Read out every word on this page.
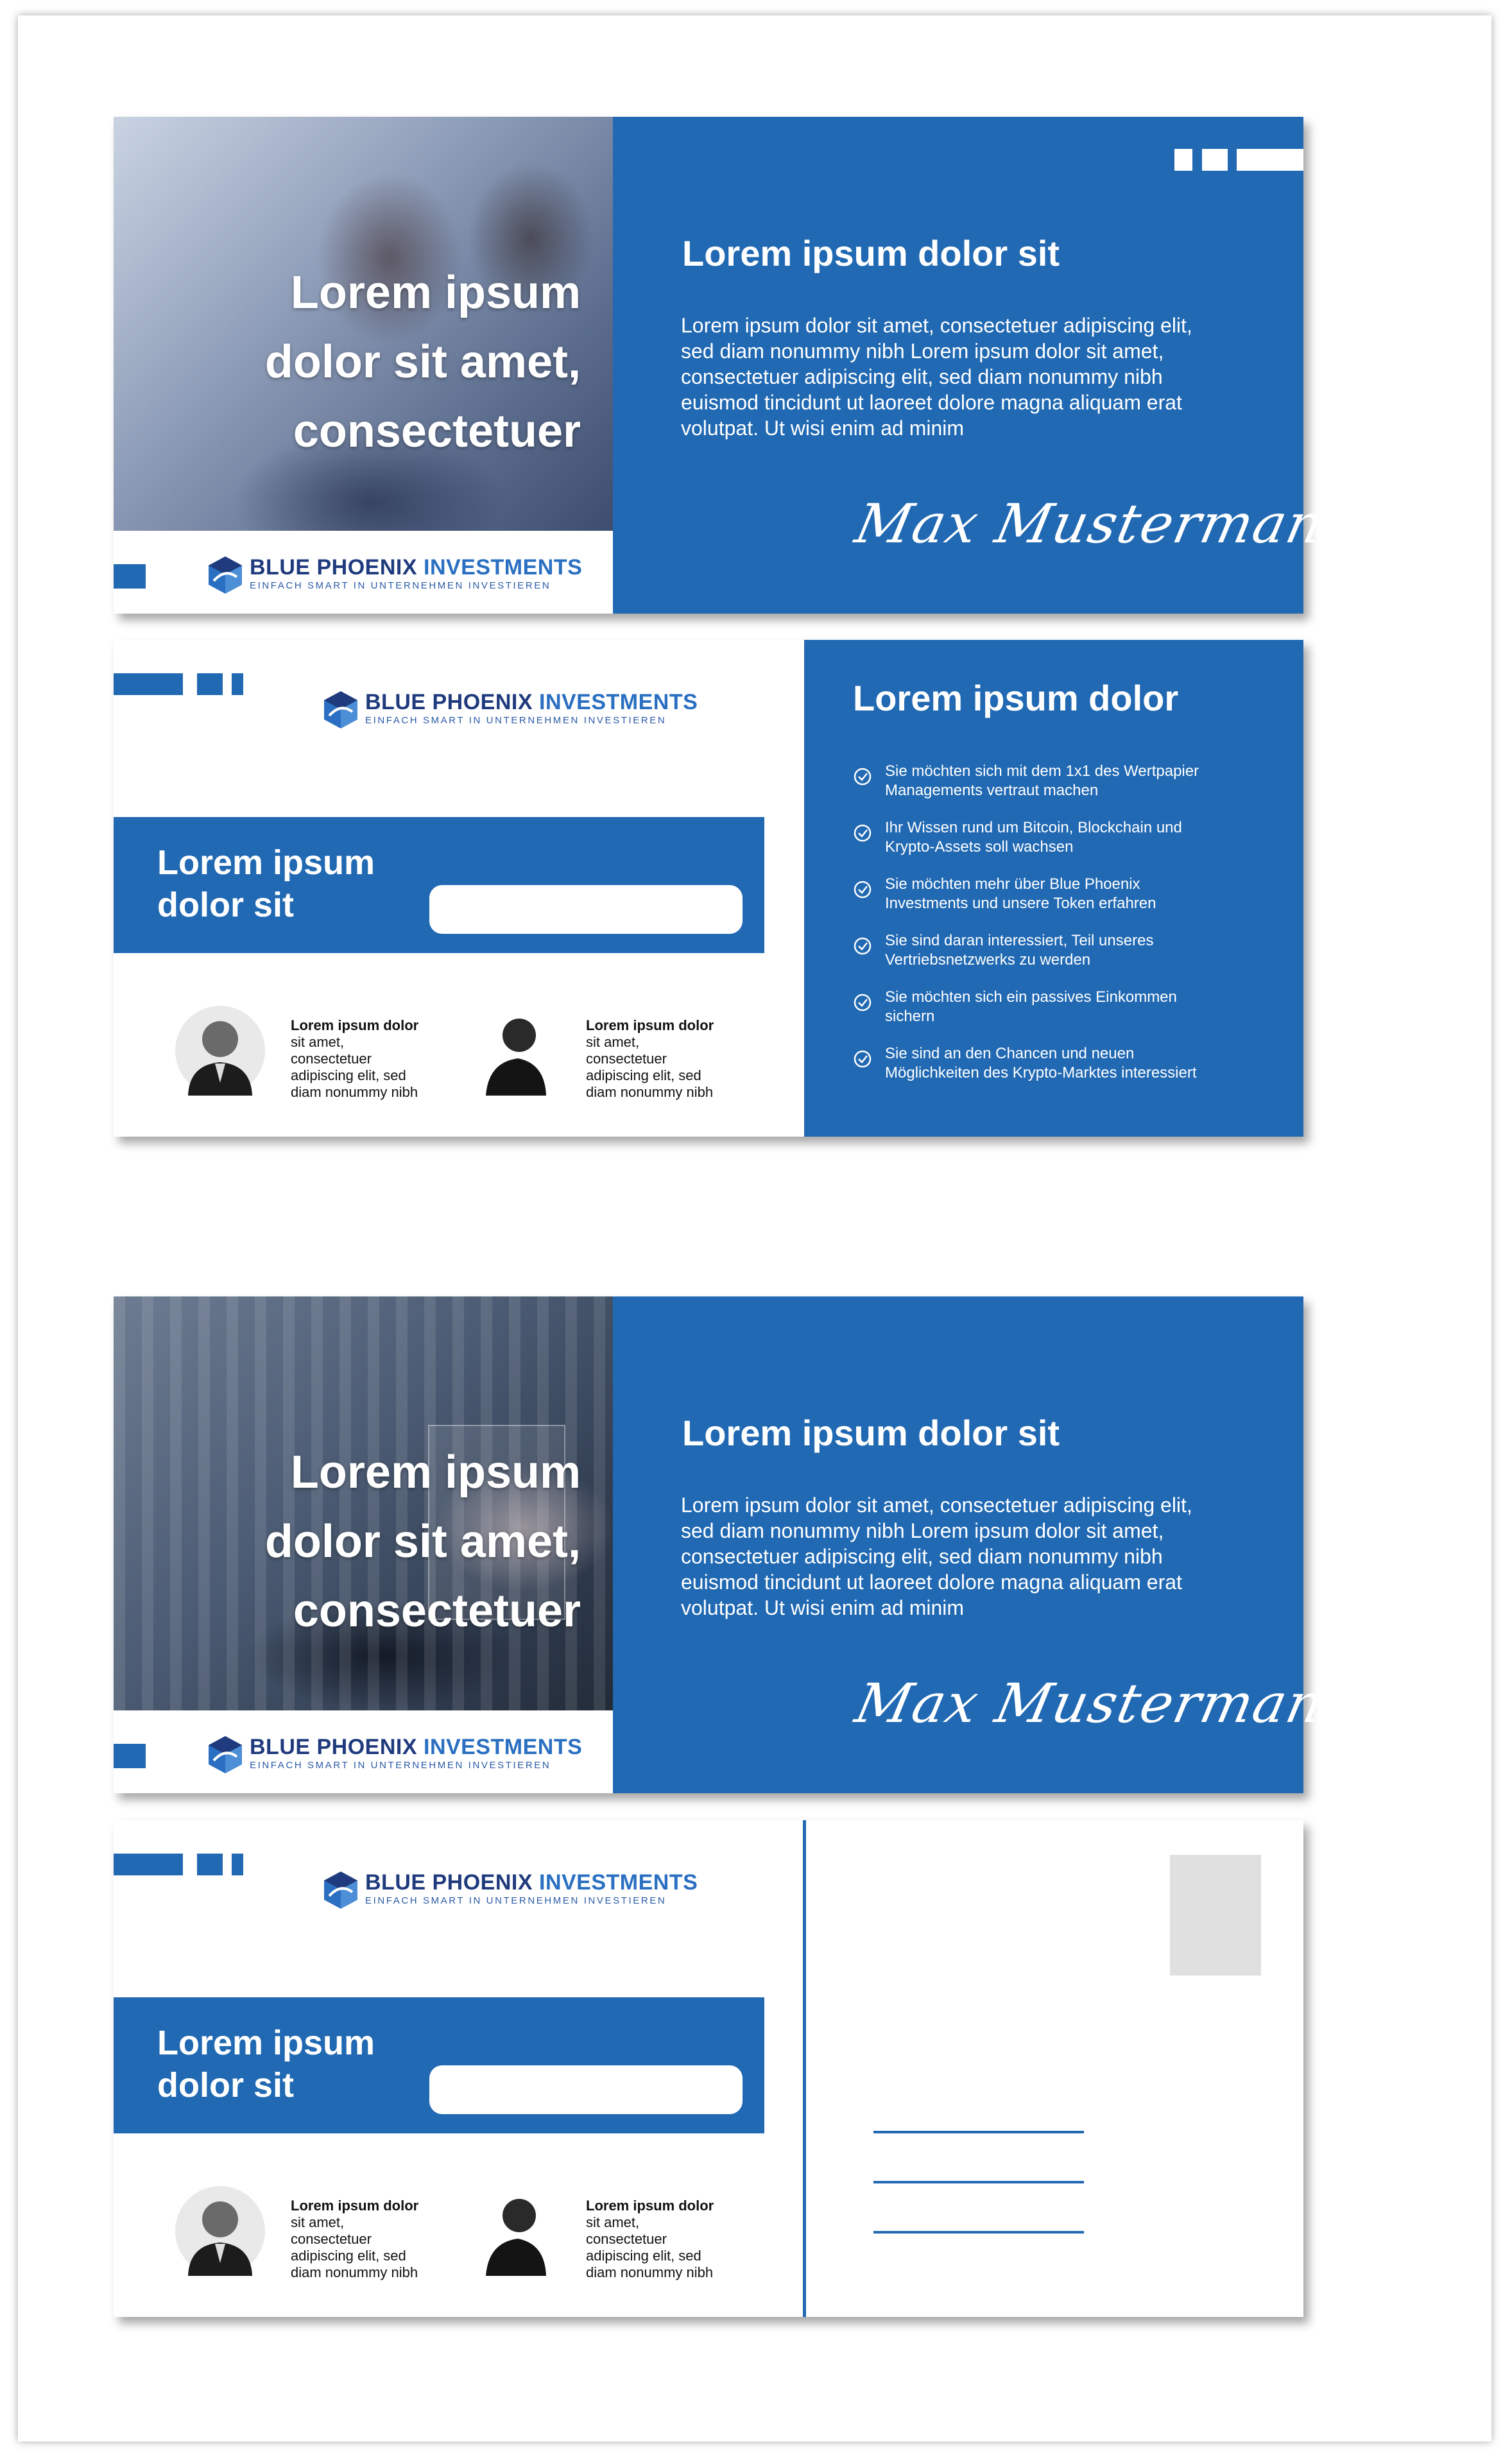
Lorem ipsum
dolor sit amet,
consectetuer
BLUE PHOENIX INVESTMENTS
EINFACH SMART IN UNTERNEHMEN INVESTIEREN
Lorem ipsum dolor sit
Lorem ipsum dolor sit amet, consectetuer adipiscing elit, sed diam nonummy nibh Lorem ipsum dolor sit amet, consectetuer adipiscing elit, sed diam nonummy nibh euismod tincidunt ut laoreet dolore magna aliquam erat volutpat. Ut wisi enim ad minim
Max Mustermann
BLUE PHOENIX INVESTMENTS
EINFACH SMART IN UNTERNEHMEN INVESTIEREN
Lorem ipsum
dolor sit
Lorem ipsum dolor
sit amet,
consectetuer
adipiscing elit, sed
diam nonummy nibh
Lorem ipsum dolor
sit amet,
consectetuer
adipiscing elit, sed
diam nonummy nibh
Lorem ipsum dolor
Sie möchten sich mit dem 1x1 des Wertpapier
Managements vertraut machen
Ihr Wissen rund um Bitcoin, Blockchain und
Krypto-Assets soll wachsen
Sie möchten mehr über Blue Phoenix
Investments und unsere Token erfahren
Sie sind daran interessiert, Teil unseres
Vertriebsnetzwerks zu werden
Sie möchten sich ein passives Einkommen
sichern
Sie sind an den Chancen und neuen
Möglichkeiten des Krypto-Marktes interessiert
Lorem ipsum
dolor sit amet,
consectetuer
BLUE PHOENIX INVESTMENTS
EINFACH SMART IN UNTERNEHMEN INVESTIEREN
Lorem ipsum dolor sit
Lorem ipsum dolor sit amet, consectetuer adipiscing elit, sed diam nonummy nibh Lorem ipsum dolor sit amet, consectetuer adipiscing elit, sed diam nonummy nibh euismod tincidunt ut laoreet dolore magna aliquam erat volutpat. Ut wisi enim ad minim
Max Mustermann
BLUE PHOENIX INVESTMENTS
EINFACH SMART IN UNTERNEHMEN INVESTIEREN
Lorem ipsum
dolor sit
Lorem ipsum dolor
sit amet,
consectetuer
adipiscing elit, sed
diam nonummy nibh
Lorem ipsum dolor
sit amet,
consectetuer
adipiscing elit, sed
diam nonummy nibh
